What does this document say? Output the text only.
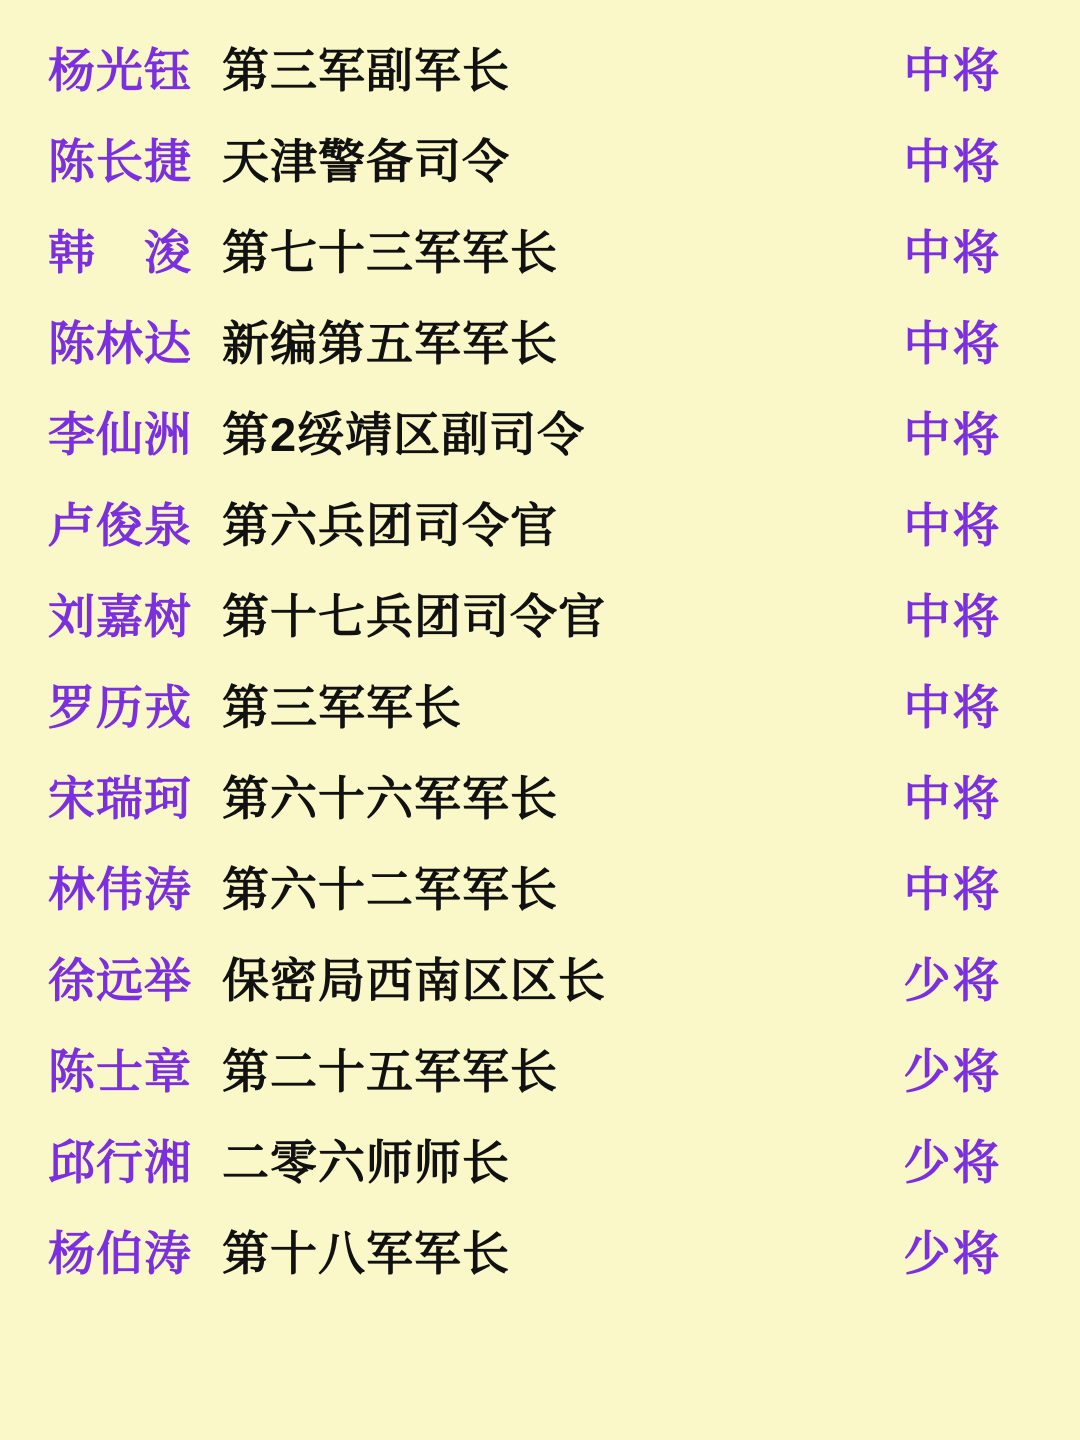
杨光钰 第三军副军长	中将
陈长捷 天津警备司令	中将
韩　浚 第七十三军军长	中将
陈林达 新编第五军军长	中将
李仙洲 第2绥靖区副司令	中将
卢俊泉 第六兵团司令官	中将
刘嘉树 第十七兵团司令官	中将
罗历戎 第三军军长	中将
宋瑞珂 第六十六军军长	中将
林伟涛 第六十二军军长	中将
徐远举 保密局西南区区长	少将
陈士章 第二十五军军长	少将
邱行湘 二零六师师长	少将
杨伯涛 第十八军军长	少将
